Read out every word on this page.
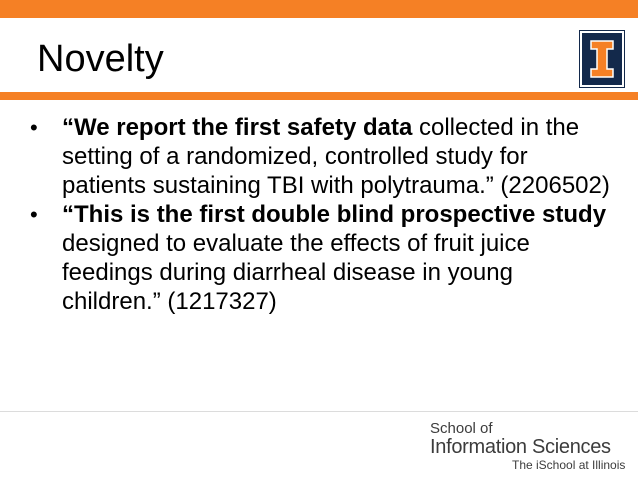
Novelty
•	“We report the first safety data collected in the setting of a randomized, controlled study for patients sustaining TBI with polytrauma.” (2206502)
•	“This is the first double blind prospective study designed to evaluate the effects of fruit juice feedings during diarrheal disease in young children.” (1217327)
School of
Information Sciences
The iSchool at Illinois
